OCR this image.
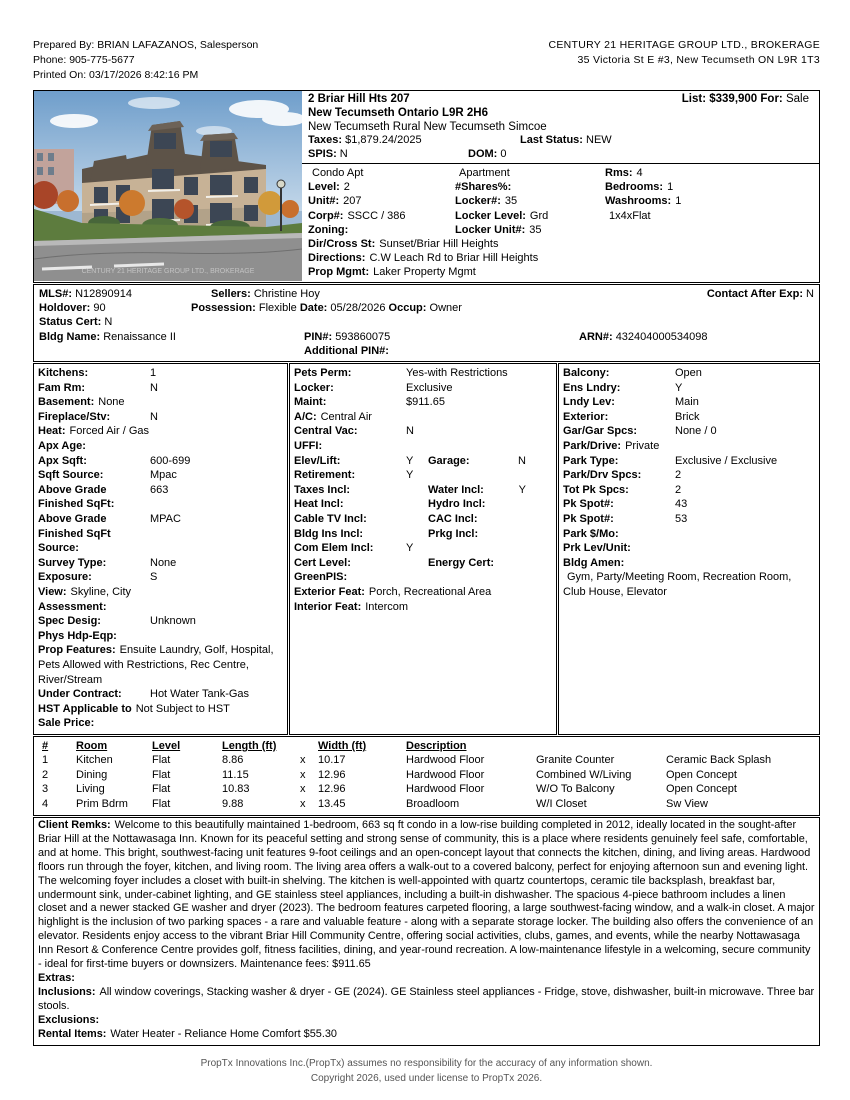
Prepared By: BRIAN LAFAZANOS, Salesperson
Phone: 905-775-5677
Printed On: 03/17/2026 8:42:16 PM
CENTURY 21 HERITAGE GROUP LTD., BROKERAGE
35 Victoria St E #3, New Tecumseth ON L9R 1T3
CENTURY 21 HERITAGE GROUP LTD., BROKERAGE
2 Briar Hill Hts 207	List: $339,900 For: Sale
New Tecumseth Ontario L9R 2H6
New Tecumseth Rural New Tecumseth Simcoe
Taxes: $1,879.24/2025	Last Status: NEW
SPIS: N	DOM: 0
Condo Apt
Level: 2
Unit#: 207
Corp#: SSCC / 386
Zoning:
Apartment
#Shares%:
Locker#: 35
Locker Level: Grd
Locker Unit#: 35
Rms: 4
Bedrooms: 1
Washrooms: 1
1x4xFlat
Dir/Cross St: Sunset/Briar Hill Heights
Directions: C.W Leach Rd to Briar Hill Heights
Prop Mgmt: Laker Property Mgmt
MLS#: N12890914	Sellers: Christine Hoy	Contact After Exp: N
Holdover: 90	Possession: Flexible Date: 05/28/2026 Occup: Owner
Status Cert: N
Bldg Name: Renaissance II	PIN#: 593860075	ARN#: 432404000534098
Additional PIN#:
Kitchens:	1
Fam Rm:	N
Basement: None
Fireplace/Stv:	N
Heat: Forced Air / Gas
Apx Age:
Apx Sqft:	600-699
Sqft Source:	Mpac
Above Grade	663
Finished SqFt:
Above Grade	MPAC
Finished SqFt
Source:
Survey Type:	None
Exposure:	S
View: Skyline, City
Assessment:
Spec Desig:	Unknown
Phys Hdp-Eqp:
Prop Features: Ensuite Laundry, Golf, Hospital, Pets Allowed with Restrictions, Rec Centre, River/Stream
Under Contract:	Hot Water Tank-Gas
HST Applicable to Not Subject to HST
Sale Price:
Pets Perm:	Yes-with Restrictions
Locker:	Exclusive
Maint:	$911.65
A/C: Central Air
Central Vac:	N
UFFI:
Elev/Lift:	Y	Garage:	N
Retirement:	Y
Taxes Incl:	Water Incl:	Y
Heat Incl:	Hydro Incl:
Cable TV Incl:	CAC Incl:
Bldg Ins Incl:	Prkg Incl:
Com Elem Incl:	Y
Cert Level:	Energy Cert:
GreenPIS:
Exterior Feat: Porch, Recreational Area
Interior Feat: Intercom
Balcony:	Open
Ens Lndry:	Y
Lndy Lev:	Main
Exterior:	Brick
Gar/Gar Spcs:	None / 0
Park/Drive: Private
Park Type:	Exclusive / Exclusive
Park/Drv Spcs:	2
Tot Pk Spcs:	2
Pk Spot#:	43
Pk Spot#:	53
Park $/Mo:
Prk Lev/Unit:
Bldg Amen:
Gym, Party/Meeting Room, Recreation Room, Club House, Elevator
#	Room	Level	Length (ft)	Width (ft)	Description
1	Kitchen	Flat	8.86	x	10.17	Hardwood Floor	Granite Counter	Ceramic Back Splash
2	Dining	Flat	11.15	x	12.96	Hardwood Floor	Combined W/Living	Open Concept
3	Living	Flat	10.83	x	12.96	Hardwood Floor	W/O To Balcony	Open Concept
4	Prim Bdrm	Flat	9.88	x	13.45	Broadloom	W/I Closet	Sw View
Client Remks: Welcome to this beautifully maintained 1-bedroom, 663 sq ft condo in a low-rise building completed in 2012, ideally located in the sought-after Briar Hill at the Nottawasaga Inn. Known for its peaceful setting and strong sense of community, this is a place where residents genuinely feel safe, comfortable, and at home. This bright, southwest-facing unit features 9-foot ceilings and an open-concept layout that connects the kitchen, dining, and living areas. Hardwood floors run through the foyer, kitchen, and living room. The living area offers a walk-out to a covered balcony, perfect for enjoying afternoon sun and evening light. The welcoming foyer includes a closet with built-in shelving. The kitchen is well-appointed with quartz countertops, ceramic tile backsplash, breakfast bar, undermount sink, under-cabinet lighting, and GE stainless steel appliances, including a built-in dishwasher. The spacious 4-piece bathroom includes a linen closet and a newer stacked GE washer and dryer (2023). The bedroom features carpeted flooring, a large southwest-facing window, and a walk-in closet. A major highlight is the inclusion of two parking spaces - a rare and valuable feature - along with a separate storage locker. The building also offers the convenience of an elevator. Residents enjoy access to the vibrant Briar Hill Community Centre, offering social activities, clubs, games, and events, while the nearby Nottawasaga Inn Resort & Conference Centre provides golf, fitness facilities, dining, and year-round recreation. A low-maintenance lifestyle in a welcoming, secure community - ideal for first-time buyers or downsizers. Maintenance fees: $911.65
Extras:
Inclusions: All window coverings, Stacking washer & dryer - GE (2024). GE Stainless steel appliances - Fridge, stove, dishwasher, built-in microwave. Three bar stools.
Exclusions:
Rental Items: Water Heater - Reliance Home Comfort $55.30
PropTx Innovations Inc.(PropTx) assumes no responsibility for the accuracy of any information shown.
Copyright 2026, used under license to PropTx 2026.
